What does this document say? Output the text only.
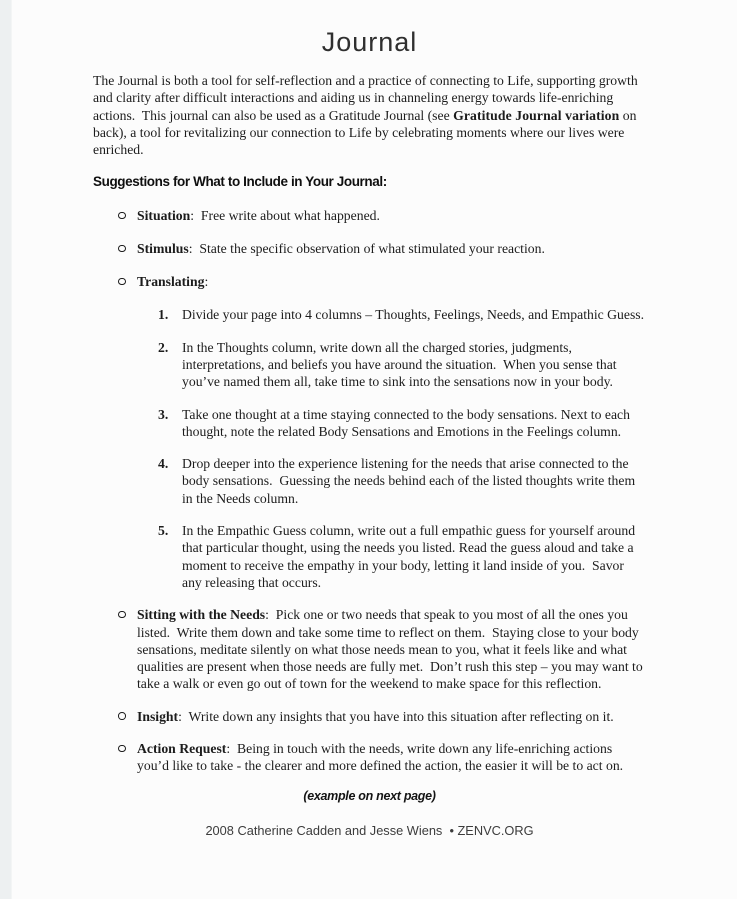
Journal

The Journal is both a tool for self-reflection and a practice of connecting to Life, supporting growth and clarity after difficult interactions and aiding us in channeling energy towards life-enriching actions.  This journal can also be used as a Gratitude Journal (see Gratitude Journal variation on back), a tool for revitalizing our connection to Life by celebrating moments where our lives were enriched.

Suggestions for What to Include in Your Journal:
Situation:  Free write about what happened.
Stimulus:  State the specific observation of what stimulated your reaction.
Translating:
1. Divide your page into 4 columns – Thoughts, Feelings, Needs, and Empathic Guess.
2. In the Thoughts column, write down all the charged stories, judgments, interpretations, and beliefs you have around the situation.  When you sense that you’ve named them all, take time to sink into the sensations now in your body.
3. Take one thought at a time staying connected to the body sensations. Next to each thought, note the related Body Sensations and Emotions in the Feelings column.
4. Drop deeper into the experience listening for the needs that arise connected to the body sensations.  Guessing the needs behind each of the listed thoughts write them in the Needs column.
5. In the Empathic Guess column, write out a full empathic guess for yourself around that particular thought, using the needs you listed. Read the guess aloud and take a moment to receive the empathy in your body, letting it land inside of you.  Savor any releasing that occurs.
Sitting with the Needs:  Pick one or two needs that speak to you most of all the ones you listed.  Write them down and take some time to reflect on them.  Staying close to your body sensations, meditate silently on what those needs mean to you, what it feels like and what qualities are present when those needs are fully met.  Don’t rush this step – you may want to take a walk or even go out of town for the weekend to make space for this reflection.
Insight:  Write down any insights that you have into this situation after reflecting on it.
Action Request:  Being in touch with the needs, write down any life-enriching actions you’d like to take - the clearer and more defined the action, the easier it will be to act on.

(example on next page)

2008 Catherine Cadden and Jesse Wiens  • ZENVC.ORG
